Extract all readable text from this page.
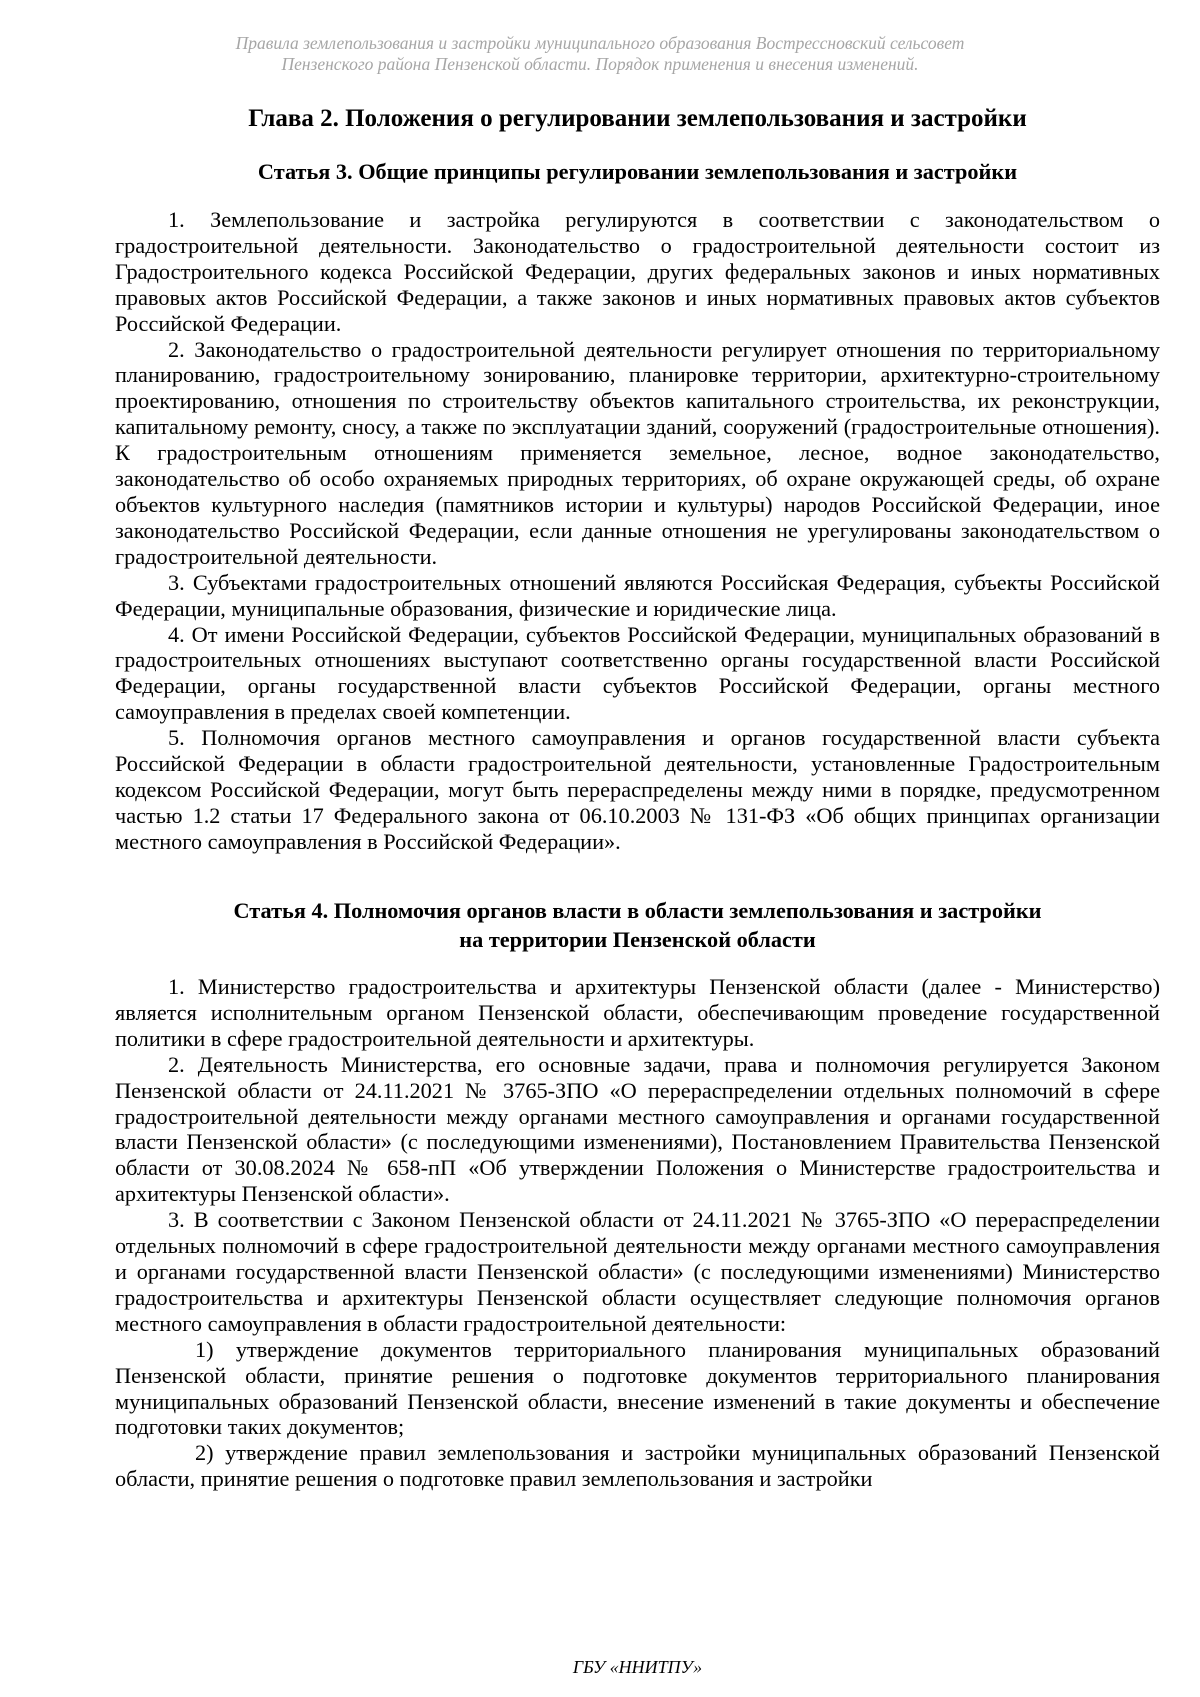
Правила землепользования и застройки муниципального образования Вострессновский сельсовет
Пензенского района Пензенской области. Порядок применения и внесения изменений.
Глава 2. Положения о регулировании землепользования и застройки
Статья 3. Общие принципы регулировании землепользования и застройки

1. Землепользование и застройка регулируются в соответствии с законодательством о градостроительной деятельности. Законодательство о градостроительной деятельности состоит из Градостроительного кодекса Российской Федерации, других федеральных законов и иных нормативных правовых актов Российской Федерации, а также законов и иных нормативных правовых актов субъектов Российской Федерации.

2. Законодательство о градостроительной деятельности регулирует отношения по территориальному планированию, градостроительному зонированию, планировке территории, архитектурно-строительному проектированию, отношения по строительству объектов капитального строительства, их реконструкции, капитальному ремонту, сносу, а также по эксплуатации зданий, сооружений (градостроительные отношения). К градостроительным отношениям применяется земельное, лесное, водное законодательство, законодательство об особо охраняемых природных территориях, об охране окружающей среды, об охране объектов культурного наследия (памятников истории и культуры) народов Российской Федерации, иное законодательство Российской Федерации, если данные отношения не урегулированы законодательством о градостроительной деятельности.

3. Субъектами градостроительных отношений являются Российская Федерация, субъекты Российской Федерации, муниципальные образования, физические и юридические лица.

4. От имени Российской Федерации, субъектов Российской Федерации, муниципальных образований в градостроительных отношениях выступают соответственно органы государственной власти Российской Федерации, органы государственной власти субъектов Российской Федерации, органы местного самоуправления в пределах своей компетенции.

5. Полномочия органов местного самоуправления и органов государственной власти субъекта Российской Федерации в области градостроительной деятельности, установленные Градостроительным кодексом Российской Федерации, могут быть перераспределены между ними в порядке, предусмотренном частью 1.2 статьи 17 Федерального закона от 06.10.2003 № 131-ФЗ «Об общих принципах организации местного самоуправления в Российской Федерации».

Статья 4. Полномочия органов власти в области землепользования и застройки
на территории Пензенской области

1. Министерство градостроительства и архитектуры Пензенской области (далее - Министерство) является исполнительным органом Пензенской области, обеспечивающим проведение государственной политики в сфере градостроительной деятельности и архитектуры.

2. Деятельность Министерства, его основные задачи, права и полномочия регулируется Законом Пензенской области от 24.11.2021 № 3765-ЗПО «О перераспределении отдельных полномочий в сфере градостроительной деятельности между органами местного самоуправления и органами государственной власти Пензенской области» (с последующими изменениями), Постановлением Правительства Пензенской области от 30.08.2024 № 658-пП «Об утверждении Положения о Министерстве градостроительства и архитектуры Пензенской области».

3. В соответствии с Законом Пензенской области от 24.11.2021 № 3765-ЗПО «О перераспределении отдельных полномочий в сфере градостроительной деятельности между органами местного самоуправления и органами государственной власти Пензенской области» (с последующими изменениями) Министерство градостроительства и архитектуры Пензенской области осуществляет следующие полномочия органов местного самоуправления в области градостроительной деятельности:

1) утверждение документов территориального планирования муниципальных образований Пензенской области, принятие решения о подготовке документов территориального планирования муниципальных образований Пензенской области, внесение изменений в такие документы и обеспечение подготовки таких документов;

2) утверждение правил землепользования и застройки муниципальных образований Пензенской области, принятие решения о подготовке правил землепользования и застройки

ГБУ «ННИТПУ»
